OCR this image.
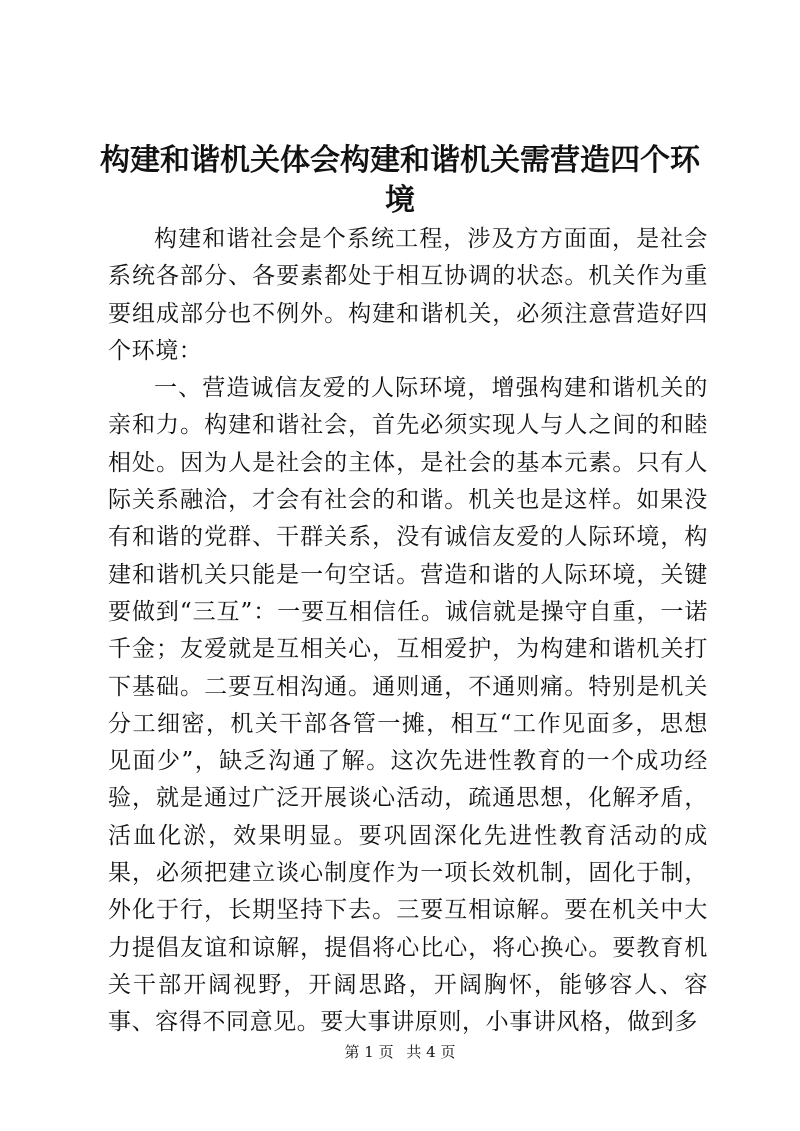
构建和谐机关体会构建和谐机关需营造四个环境

构建和谐社会是个系统工程，涉及方方面面，是社会系统各部分、各要素都处于相互协调的状态。机关作为重要组成部分也不例外。构建和谐机关，必须注意营造好四个环境：

一、营造诚信友爱的人际环境，增强构建和谐机关的亲和力。构建和谐社会，首先必须实现人与人之间的和睦相处。因为人是社会的主体，是社会的基本元素。只有人际关系融洽，才会有社会的和谐。机关也是这样。如果没有和谐的党群、干群关系，没有诚信友爱的人际环境，构建和谐机关只能是一句空话。营造和谐的人际环境，关键要做到“三互”：一要互相信任。诚信就是操守自重，一诺千金；友爱就是互相关心，互相爱护，为构建和谐机关打下基础。二要互相沟通。通则通，不通则痛。特别是机关分工细密，机关干部各管一摊，相互“工作见面多，思想见面少”，缺乏沟通了解。这次先进性教育的一个成功经验，就是通过广泛开展谈心活动，疏通思想，化解矛盾，活血化淤，效果明显。要巩固深化先进性教育活动的成果，必须把建立谈心制度作为一项长效机制，固化于制，外化于行，长期坚持下去。三要互相谅解。要在机关中大力提倡友谊和谅解，提倡将心比心，将心换心。要教育机关干部开阔视野，开阔思路，开阔胸怀，能够容人、容事、容得不同意见。要大事讲原则，小事讲风格，做到多

第 1 页 共 4 页
